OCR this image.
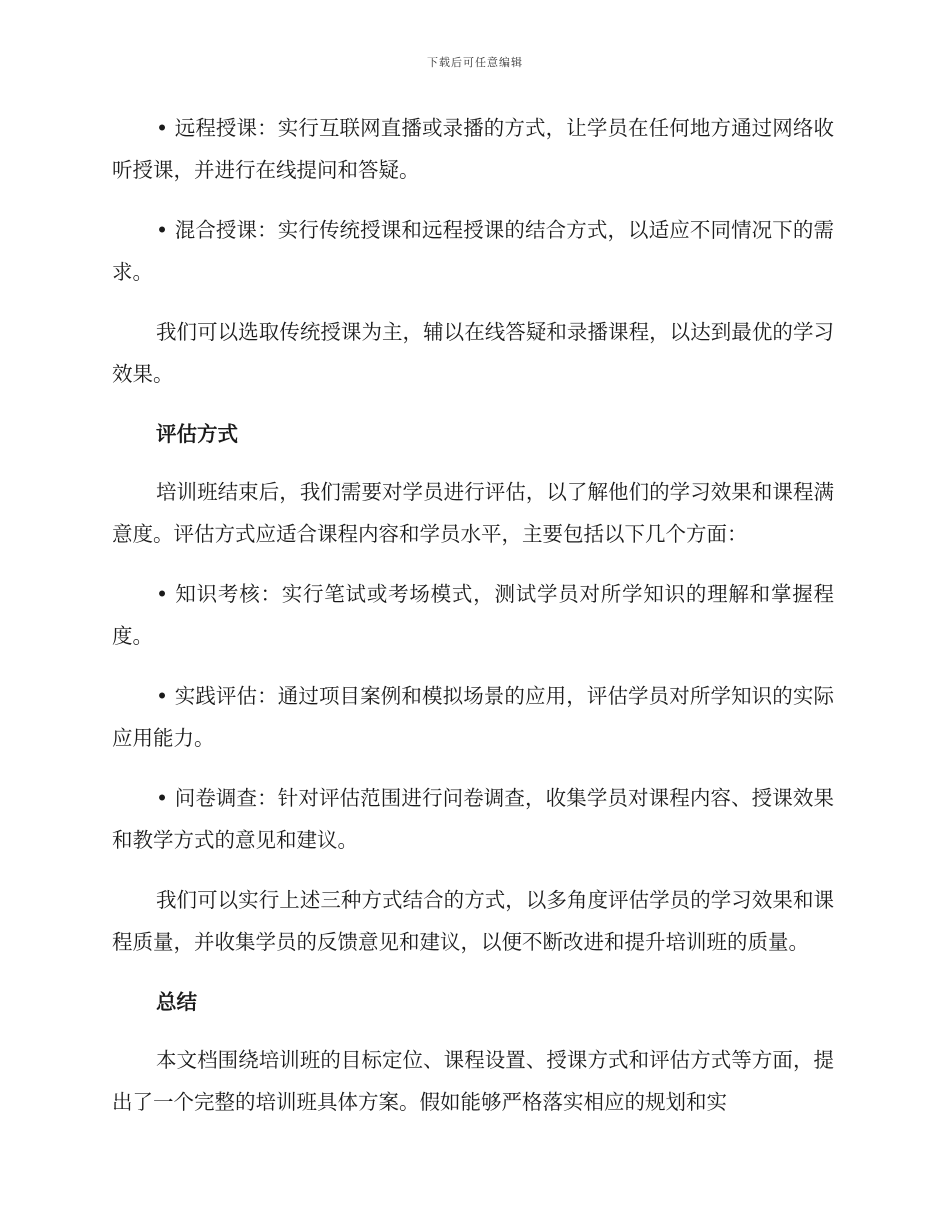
下载后可任意编辑

• 远程授课：实行互联网直播或录播的方式，让学员在任何地方通过网络收听授课，并进行在线提问和答疑。

• 混合授课：实行传统授课和远程授课的结合方式，以适应不同情况下的需求。

我们可以选取传统授课为主，辅以在线答疑和录播课程，以达到最优的学习效果。

评估方式

培训班结束后，我们需要对学员进行评估，以了解他们的学习效果和课程满意度。评估方式应适合课程内容和学员水平，主要包括以下几个方面：

• 知识考核：实行笔试或考场模式，测试学员对所学知识的理解和掌握程度。

• 实践评估：通过项目案例和模拟场景的应用，评估学员对所学知识的实际应用能力。

• 问卷调查：针对评估范围进行问卷调查，收集学员对课程内容、授课效果和教学方式的意见和建议。

我们可以实行上述三种方式结合的方式，以多角度评估学员的学习效果和课程质量，并收集学员的反馈意见和建议，以便不断改进和提升培训班的质量。

总结

本文档围绕培训班的目标定位、课程设置、授课方式和评估方式等方面，提出了一个完整的培训班具体方案。假如能够严格落实相应的规划和实
